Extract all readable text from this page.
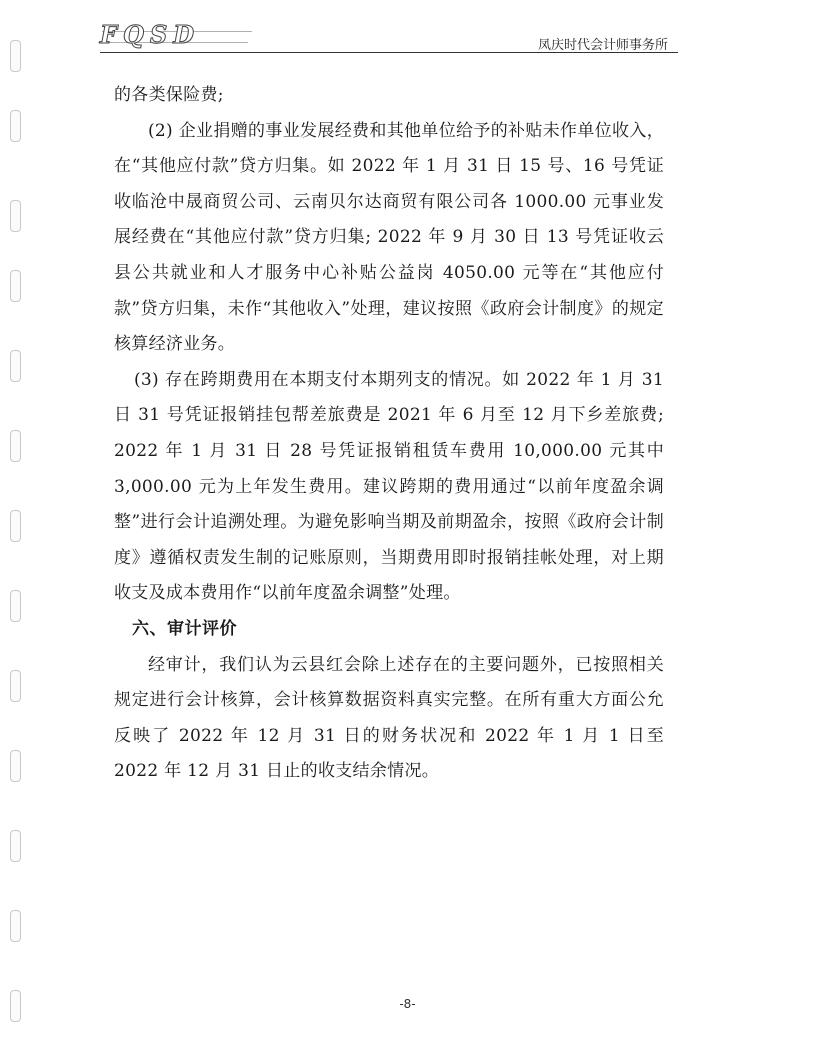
FQSD	凤庆时代会计师事务所

的各类保险费;

(2) 企业捐赠的事业发展经费和其他单位给予的补贴未作单位收入，在“其他应付款”贷方归集。如 2022 年 1 月 31 日 15 号、16 号凭证收临沧中晟商贸公司、云南贝尔达商贸有限公司各 1000.00 元事业发展经费在“其他应付款”贷方归集; 2022 年 9 月 30 日 13 号凭证收云县公共就业和人才服务中心补贴公益岗 4050.00 元等在“其他应付款”贷方归集，未作“其他收入”处理，建议按照《政府会计制度》的规定核算经济业务。

(3) 存在跨期费用在本期支付本期列支的情况。如 2022 年 1 月 31 日 31 号凭证报销挂包帮差旅费是 2021 年 6 月至 12 月下乡差旅费; 2022 年 1 月 31 日 28 号凭证报销租赁车费用 10,000.00 元其中 3,000.00 元为上年发生费用。建议跨期的费用通过“以前年度盈余调整”进行会计追溯处理。为避免影响当期及前期盈余，按照《政府会计制度》遵循权责发生制的记账原则，当期费用即时报销挂帐处理，对上期收支及成本费用作“以前年度盈余调整”处理。

六、审计评价

经审计，我们认为云县红会除上述存在的主要问题外，已按照相关规定进行会计核算，会计核算数据资料真实完整。在所有重大方面公允反映了 2022 年 12 月 31 日的财务状况和 2022 年 1 月 1 日至 2022 年 12 月 31 日止的收支结余情况。

-8-
